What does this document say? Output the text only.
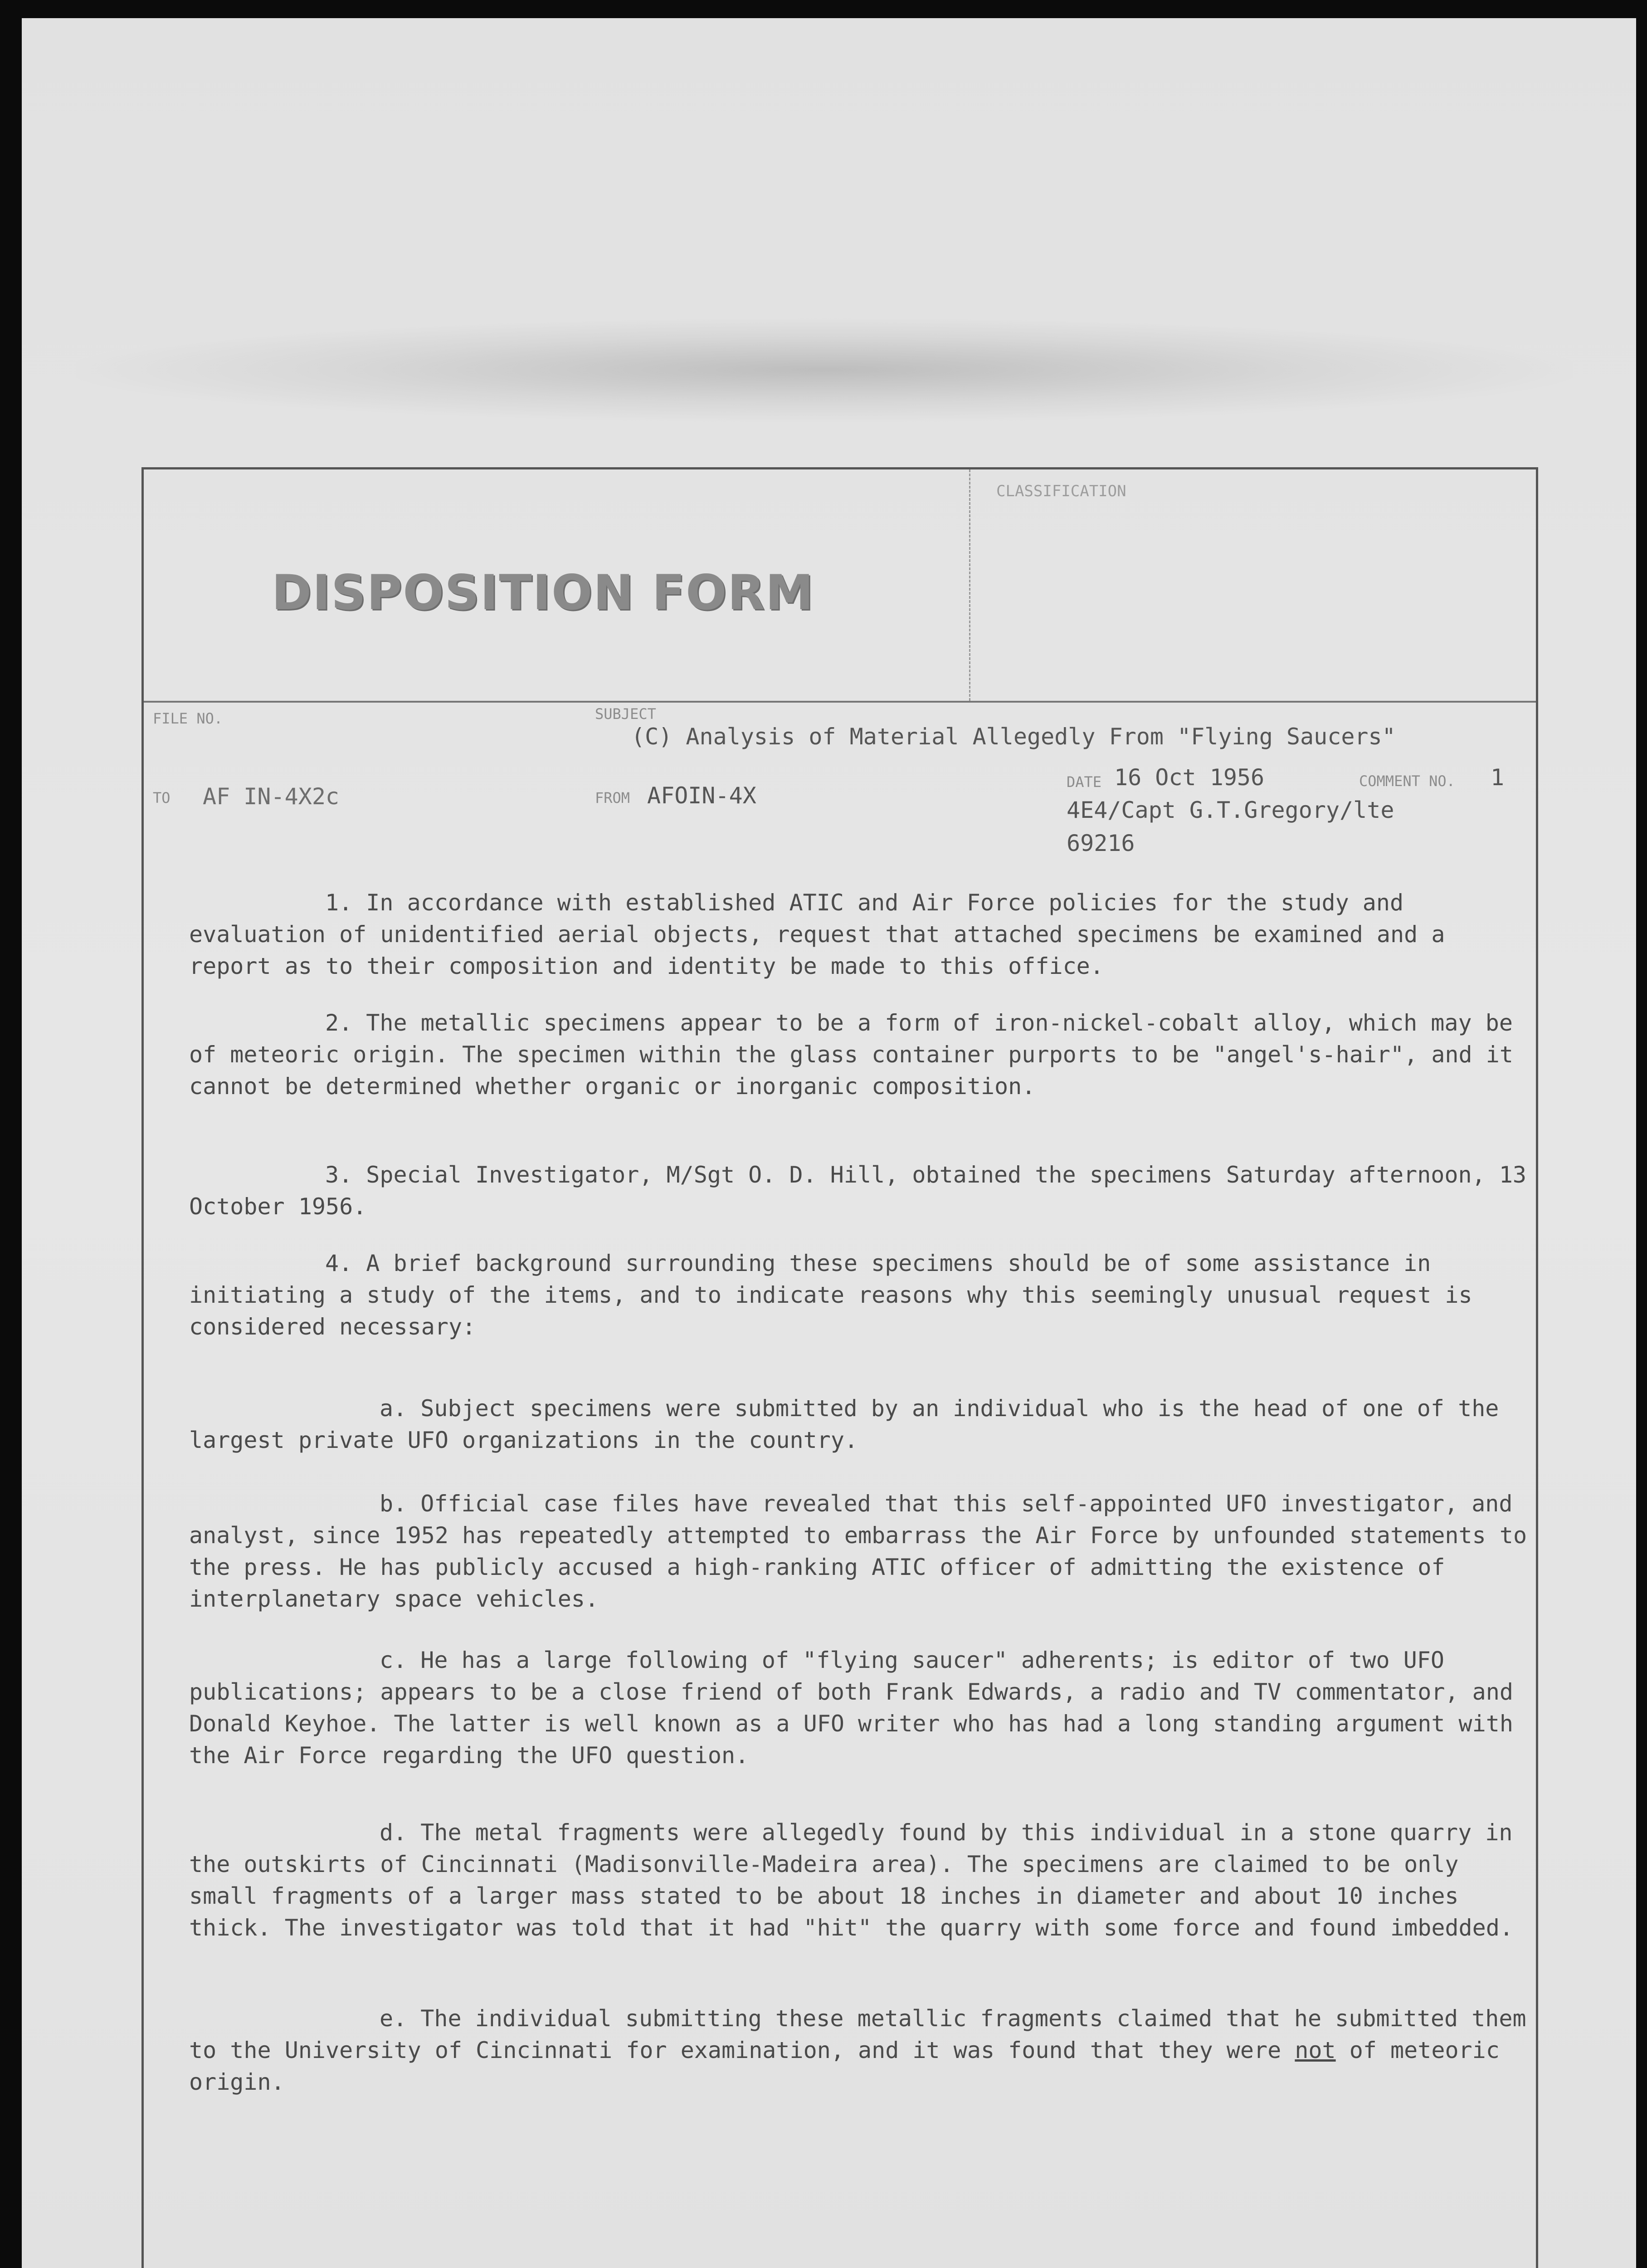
CLASSIFICATION
DISPOSITION FORM
FILE NO.	SUBJECT
(C) Analysis of Material Allegedly From "Flying Saucers"
TO AF IN-4X2c	FROM AFOIN-4X
DATE 16 Oct 1956	COMMENT NO. 1
4E4/Capt G.T.Gregory/lte
69216

1. In accordance with established ATIC and Air Force policies for the study and evaluation of unidentified aerial objects, request that attached specimens be examined and a report as to their composition and identity be made to this office.

2. The metallic specimens appear to be a form of iron-nickel-cobalt alloy, which may be of meteoric origin. The specimen within the glass container purports to be "angel's-hair", and it cannot be determined whether organic or inorganic composition.

3. Special Investigator, M/Sgt O. D. Hill, obtained the specimens Saturday afternoon, 13 October 1956.

4. A brief background surrounding these specimens should be of some assistance in initiating a study of the items, and to indicate reasons why this seemingly unusual request is considered necessary:

a. Subject specimens were submitted by an individual who is the head of one of the largest private UFO organizations in the country.

b. Official case files have revealed that this self-appointed UFO investigator, and analyst, since 1952 has repeatedly attempted to embarrass the Air Force by unfounded statements to the press. He has publicly accused a high-ranking ATIC officer of admitting the existence of interplanetary space vehicles.

c. He has a large following of "flying saucer" adherents; is editor of two UFO publications; appears to be a close friend of both Frank Edwards, a radio and TV commentator, and Donald Keyhoe. The latter is well known as a UFO writer who has had a long standing argument with the Air Force regarding the UFO question.

d. The metal fragments were allegedly found by this individual in a stone quarry in the outskirts of Cincinnati (Madisonville-Madeira area). The specimens are claimed to be only small fragments of a larger mass stated to be about 18 inches in diameter and about 10 inches thick. The investigator was told that it had "hit" the quarry with some force and found imbedded.

e. The individual submitting these metallic fragments claimed that he submitted them to the University of Cincinnati for examination, and it was found that they were not of meteoric origin.
